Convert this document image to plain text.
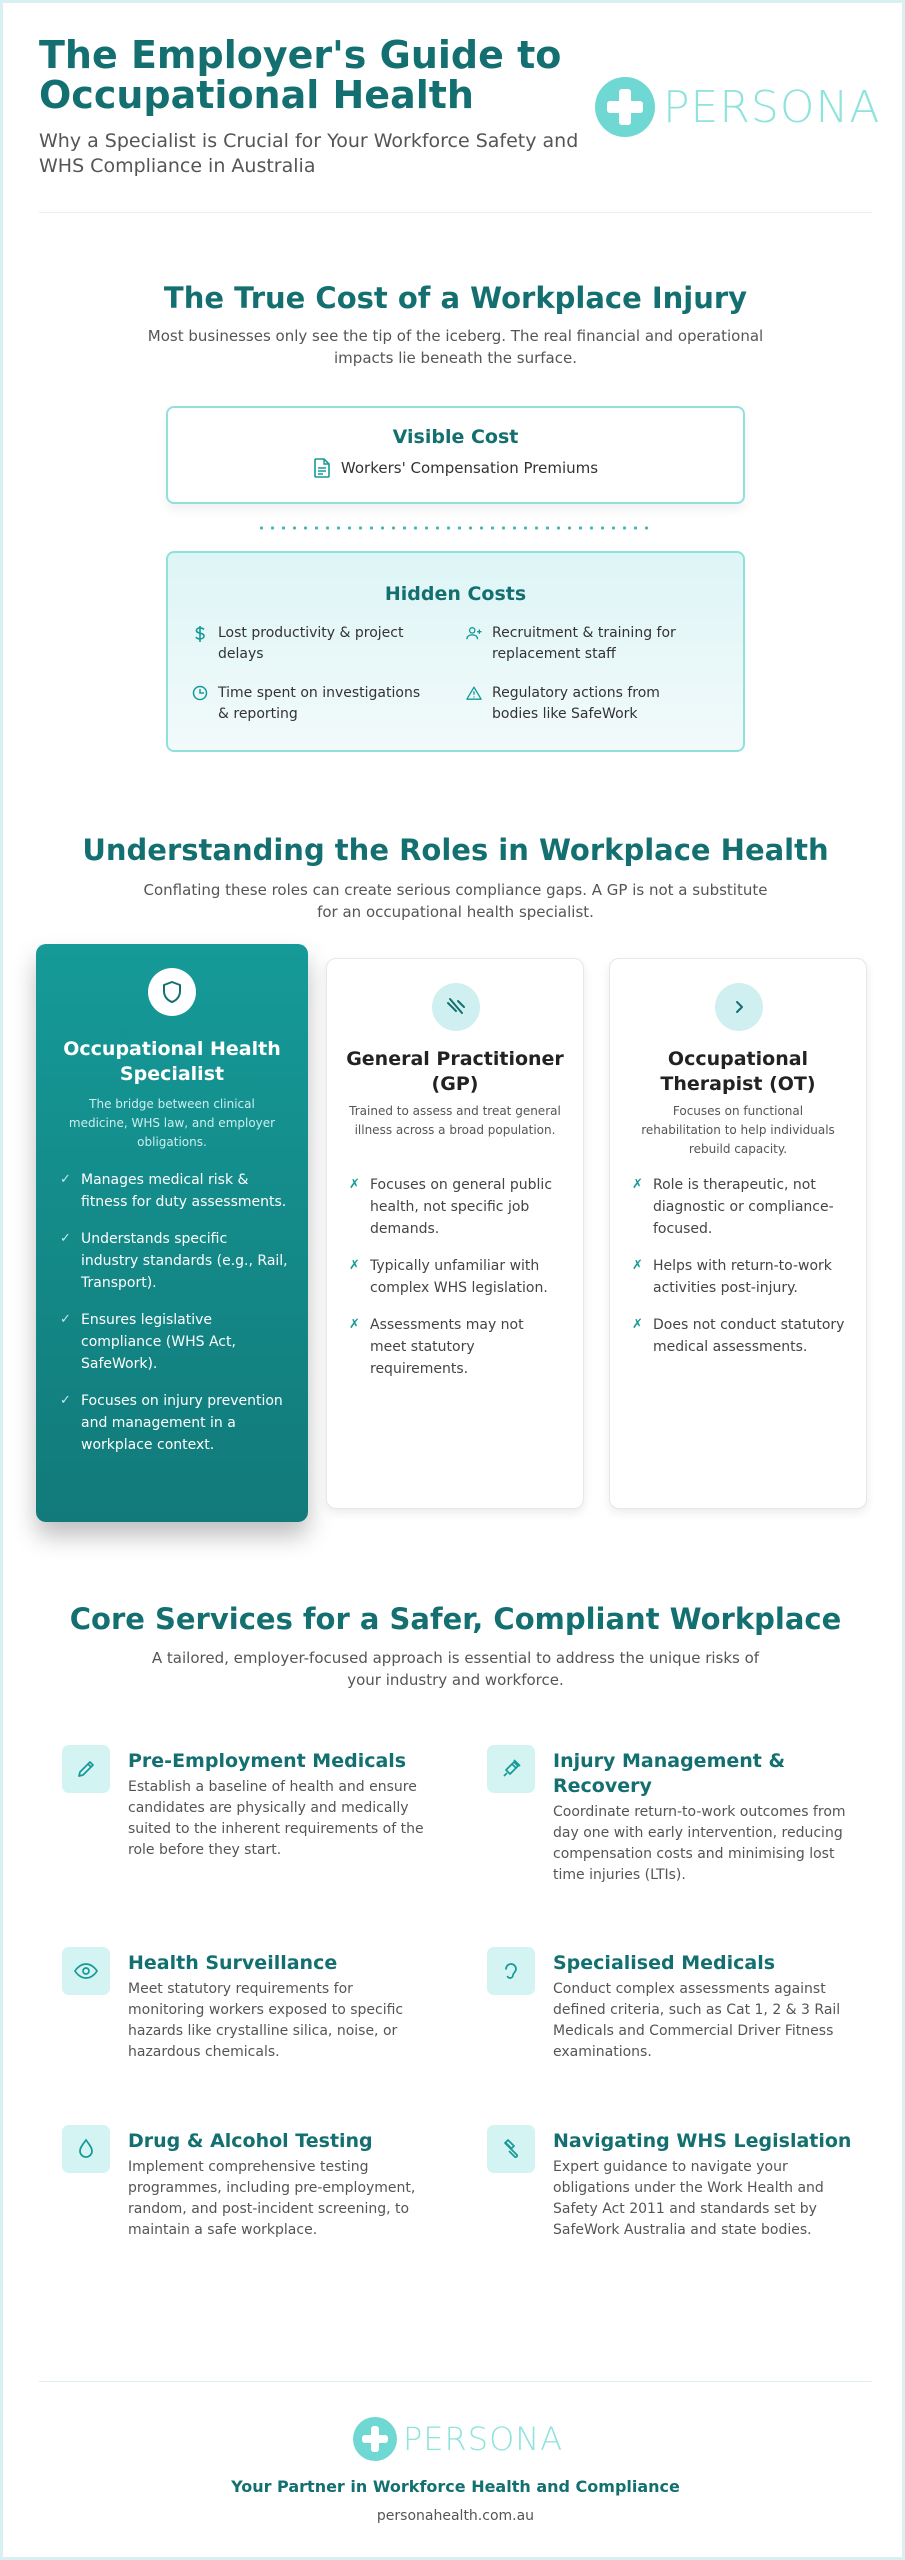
The Employer's Guide to Occupational Health
Why a Specialist is Crucial for Your Workforce Safety and WHS Compliance in Australia
PERSONA
The True Cost of a Workplace Injury
Most businesses only see the tip of the iceberg. The real financial and operational impacts lie beneath the surface.
Visible Cost
Workers' Compensation Premiums
Hidden Costs
Lost productivity & project delays
Recruitment & training for replacement staff
Time spent on investigations & reporting
Regulatory actions from bodies like SafeWork
Understanding the Roles in Workplace Health
Conflating these roles can create serious compliance gaps. A GP is not a substitute for an occupational health specialist.
Occupational Health Specialist
The bridge between clinical medicine, WHS law, and employer obligations.
✓ Manages medical risk & fitness for duty assessments.
✓ Understands specific industry standards (e.g., Rail, Transport).
✓ Ensures legislative compliance (WHS Act, SafeWork).
✓ Focuses on injury prevention and management in a workplace context.
General Practitioner (GP)
Trained to assess and treat general illness across a broad population.
✗ Focuses on general public health, not specific job demands.
✗ Typically unfamiliar with complex WHS legislation.
✗ Assessments may not meet statutory requirements.
Occupational Therapist (OT)
Focuses on functional rehabilitation to help individuals rebuild capacity.
✗ Role is therapeutic, not diagnostic or compliance-focused.
✗ Helps with return-to-work activities post-injury.
✗ Does not conduct statutory medical assessments.
Core Services for a Safer, Compliant Workplace
A tailored, employer-focused approach is essential to address the unique risks of your industry and workforce.
Pre-Employment Medicals
Establish a baseline of health and ensure candidates are physically and medically suited to the inherent requirements of the role before they start.
Injury Management & Recovery
Coordinate return-to-work outcomes from day one with early intervention, reducing compensation costs and minimising lost time injuries (LTIs).
Health Surveillance
Meet statutory requirements for monitoring workers exposed to specific hazards like crystalline silica, noise, or hazardous chemicals.
Specialised Medicals
Conduct complex assessments against defined criteria, such as Cat 1, 2 & 3 Rail Medicals and Commercial Driver Fitness examinations.
Drug & Alcohol Testing
Implement comprehensive testing programmes, including pre-employment, random, and post-incident screening, to maintain a safe workplace.
Navigating WHS Legislation
Expert guidance to navigate your obligations under the Work Health and Safety Act 2011 and standards set by SafeWork Australia and state bodies.
PERSONA
Your Partner in Workforce Health and Compliance
personahealth.com.au
